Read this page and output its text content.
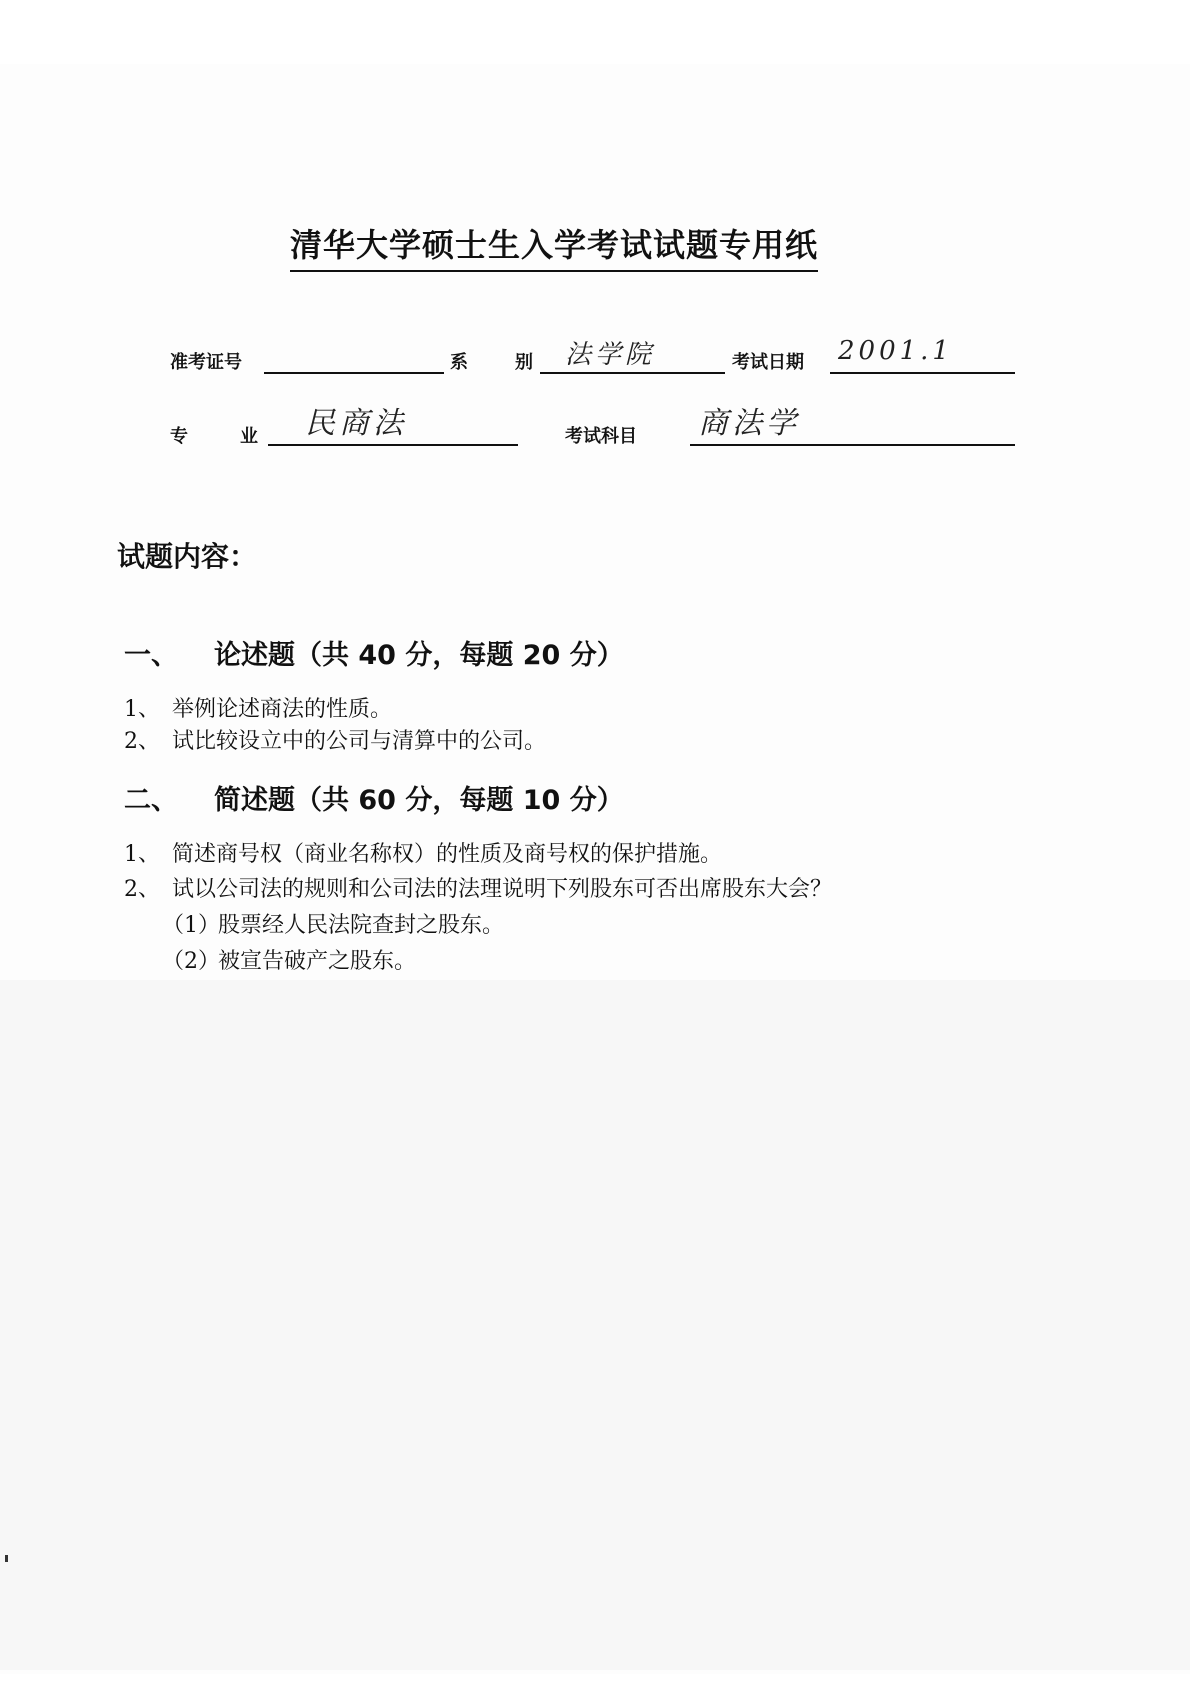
清华大学硕士生入学考试试题专用纸
准考证号	系	别 法学院	考试日期 2001.1
专	业 民商法	考试科目 商法学
试题内容：
一、 论述题（共 40 分，每题 20 分）
1、 举例论述商法的性质。
2、 试比较设立中的公司与清算中的公司。
二、 简述题（共 60 分，每题 10 分）
1、 简述商号权（商业名称权）的性质及商号权的保护措施。
2、 试以公司法的规则和公司法的法理说明下列股东可否出席股东大会？
（1）股票经人民法院查封之股东。
（2）被宣告破产之股东。
